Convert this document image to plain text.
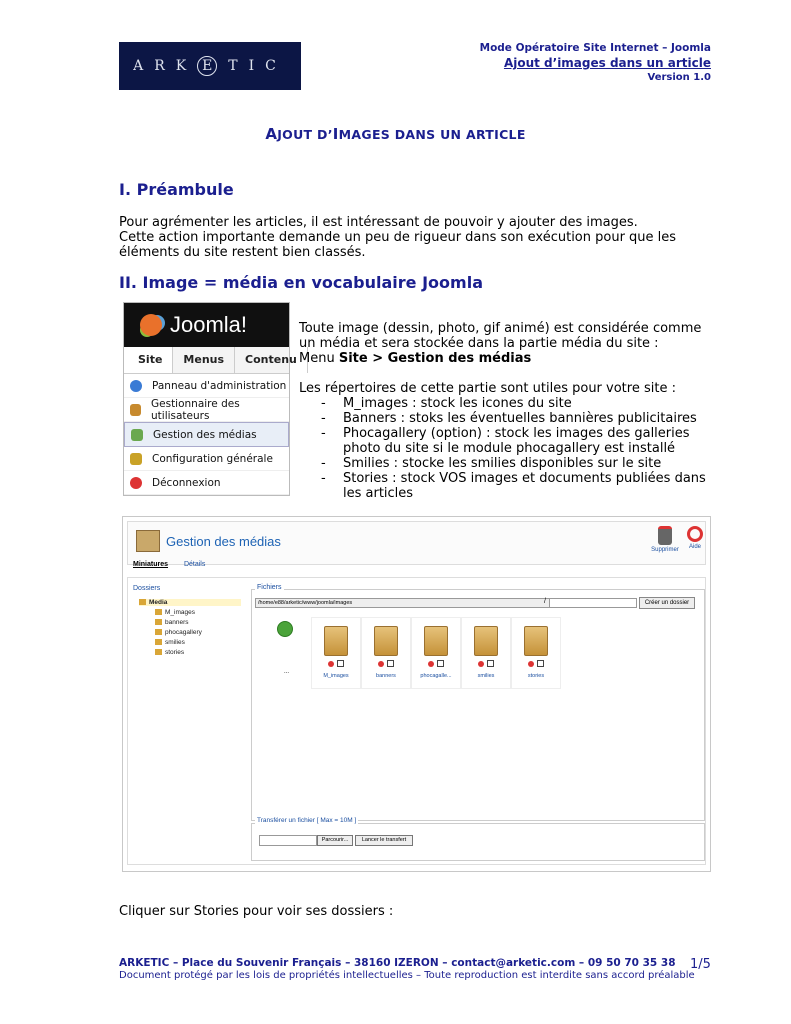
A R K E	T I C
Mode Opératoire Site Internet – Joomla
Ajout d’images dans un article
Version 1.0
AJOUT D’IMAGES DANS UN ARTICLE
I. Préambule

Pour agrémenter les articles, il est intéressant de pouvoir y ajouter des images.

Cette action importante demande un peu de rigueur dans son exécution pour que les éléments du site restent bien classés.

II. Image = média en vocabulaire Joomla
Joomla!
Site	Menus	Contenu
Panneau d'administration
Gestionnaire des utilisateurs
Gestion des médias
Configuration générale
Déconnexion

Toute image (dessin, photo, gif animé) est considérée comme un média et sera stockée dans la partie média du site :

Menu Site > Gestion des médias

Les répertoires de cette partie sont utiles pour votre site :

- M_images : stock les icones du site
- Banners : stoks les éventuelles bannières publicitaires
- Phocagallery (option) : stock les images des galleries photo du site si le module phocagallery est installé
- Smilies : stocke les smilies disponibles sur le site
- Stories : stock VOS images et documents publiées dans les articles
Gestion des médias
Supprimer	Aide
Miniatures Détails
Dossiers
Media
M_images
banners
phocagallery
smilies
stories
Fichiers
/home/e88/arketic/www/joomla/images	/	Créer un dossier
...
M_images	banners	phocagalle...	smilies	stories
Transférer un fichier [ Max = 10M ]
Parcourir...	Lancer le transfert

Cliquer sur Stories pour voir ses dossiers :

ARKETIC – Place du Souvenir Français – 38160 IZERON – contact@arketic.com – 09 50 70 35 38
Document protégé par les lois de propriétés intellectuelles – Toute reproduction est interdite sans accord préalable
1/5
